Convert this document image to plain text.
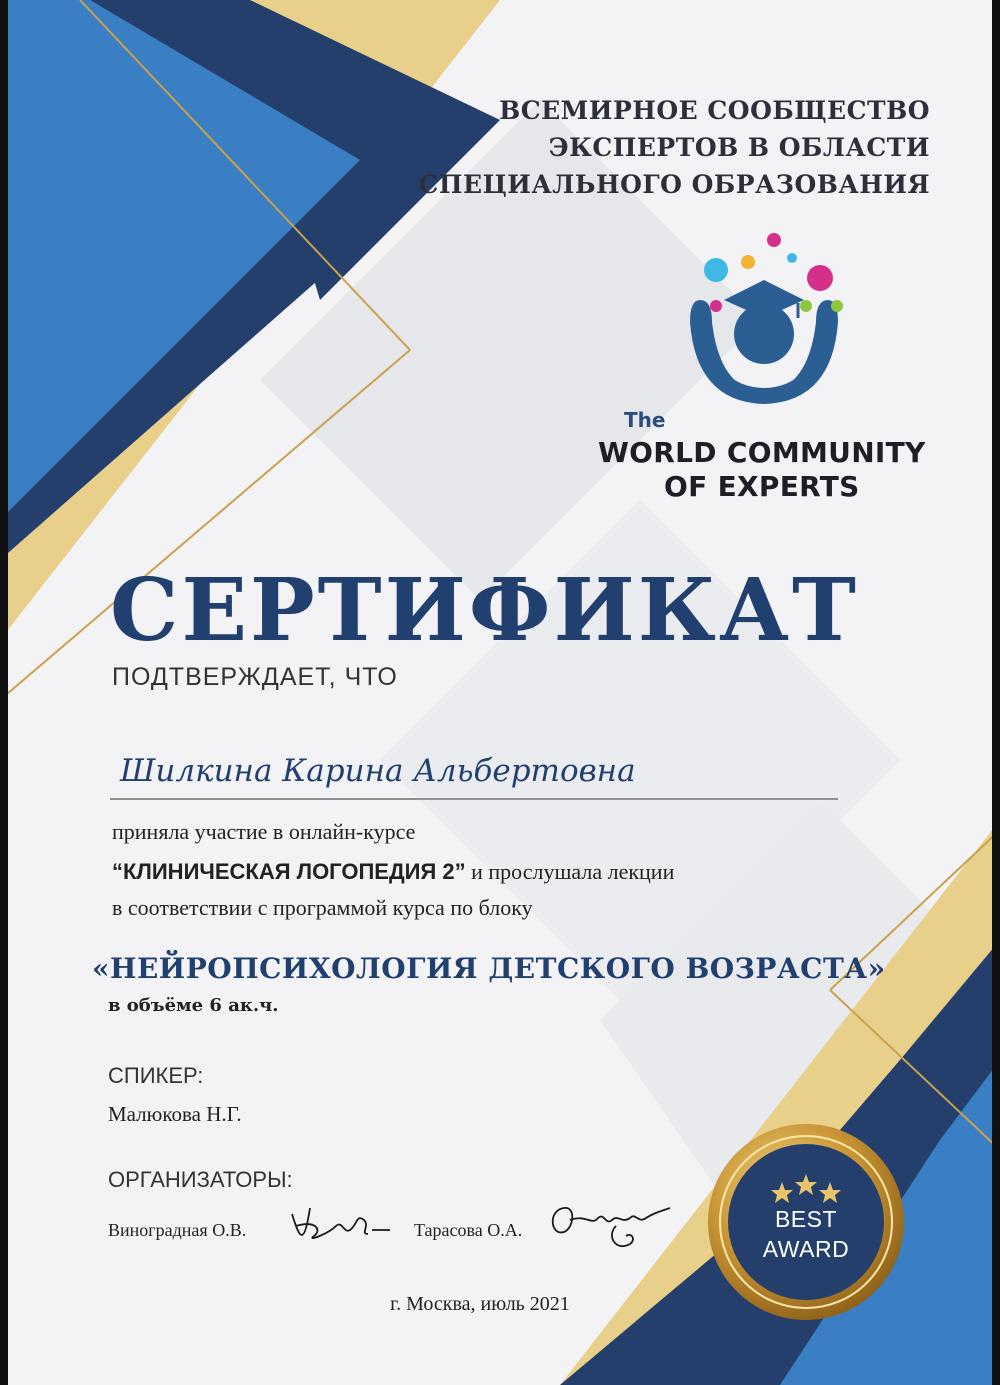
ВСЕМИРНОЕ СООБЩЕСТВО
ЭКСПЕРТОВ В ОБЛАСТИ
СПЕЦИАЛЬНОГО ОБРАЗОВАНИЯ
The
WORLD COMMUNITY
OF EXPERTS
СЕРТИФИКАТ
ПОДТВЕРЖДАЕТ, ЧТО
Шилкина Карина Альбертовна
приняла участие в онлайн-курсе
“КЛИНИЧЕСКАЯ ЛОГОПЕДИЯ 2” и прослушала лекции
в соответствии с программой курса по блоку
«НЕЙРОПСИХОЛОГИЯ ДЕТСКОГО ВОЗРАСТА»
в объёме 6 ак.ч.
СПИКЕР:
Малюкова Н.Г.
ОРГАНИЗАТОРЫ:
Виноградная О.В.	Тарасова О.А.
г. Москва, июль 2021
BEST
AWARD
